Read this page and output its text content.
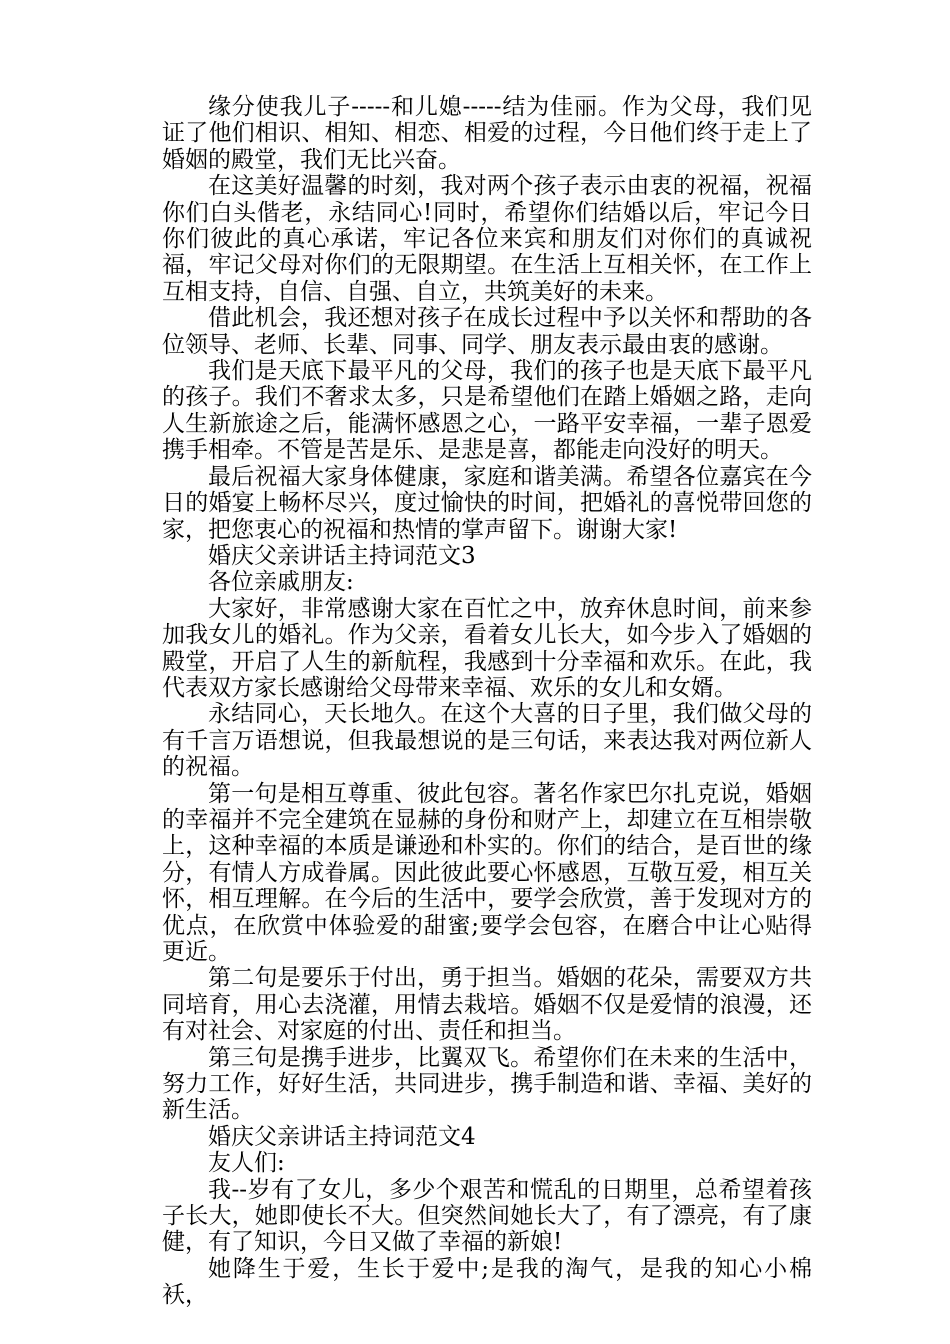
缘分使我儿子-----和儿媳-----结为佳丽。作为父母，我们见证了他们相识、相知、相恋、相爱的过程，今日他们终于走上了婚姻的殿堂，我们无比兴奋。

在这美好温馨的时刻，我对两个孩子表示由衷的祝福，祝福你们白头偕老，永结同心!同时，希望你们结婚以后，牢记今日你们彼此的真心承诺，牢记各位来宾和朋友们对你们的真诚祝福，牢记父母对你们的无限期望。在生活上互相关怀，在工作上互相支持，自信、自强、自立，共筑美好的未来。

借此机会，我还想对孩子在成长过程中予以关怀和帮助的各位领导、老师、长辈、同事、同学、朋友表示最由衷的感谢。

我们是天底下最平凡的父母，我们的孩子也是天底下最平凡的孩子。我们不奢求太多，只是希望他们在踏上婚姻之路，走向人生新旅途之后，能满怀感恩之心，一路平安幸福，一辈子恩爱携手相牵。不管是苦是乐、是悲是喜，都能走向没好的明天。

最后祝福大家身体健康，家庭和谐美满。希望各位嘉宾在今日的婚宴上畅杯尽兴，度过愉快的时间，把婚礼的喜悦带回您的家，把您衷心的祝福和热情的掌声留下。谢谢大家!

婚庆父亲讲话主持词范文3

各位亲戚朋友:

大家好，非常感谢大家在百忙之中，放弃休息时间，前来参加我女儿的婚礼。作为父亲，看着女儿长大，如今步入了婚姻的殿堂，开启了人生的新航程，我感到十分幸福和欢乐。在此，我代表双方家长感谢给父母带来幸福、欢乐的女儿和女婿。

永结同心，天长地久。在这个大喜的日子里，我们做父母的有千言万语想说，但我最想说的是三句话，来表达我对两位新人的祝福。

第一句是相互尊重、彼此包容。著名作家巴尔扎克说，婚姻的幸福并不完全建筑在显赫的身份和财产上，却建立在互相崇敬上，这种幸福的本质是谦逊和朴实的。你们的结合，是百世的缘分，有情人方成眷属。因此彼此要心怀感恩，互敬互爱，相互关怀，相互理解。在今后的生活中，要学会欣赏，善于发现对方的优点，在欣赏中体验爱的甜蜜;要学会包容，在磨合中让心贴得更近。

第二句是要乐于付出，勇于担当。婚姻的花朵，需要双方共同培育，用心去浇灌，用情去栽培。婚姻不仅是爱情的浪漫，还有对社会、对家庭的付出、责任和担当。

第三句是携手进步，比翼双飞。希望你们在未来的生活中，努力工作，好好生活，共同进步，携手制造和谐、幸福、美好的新生活。

婚庆父亲讲话主持词范文4

友人们:

我--岁有了女儿，多少个艰苦和慌乱的日期里，总希望着孩子长大，她即使长不大。但突然间她长大了，有了漂亮，有了康健，有了知识，今日又做了幸福的新娘!

她降生于爱，生长于爱中;是我的淘气，是我的知心小棉袄，
